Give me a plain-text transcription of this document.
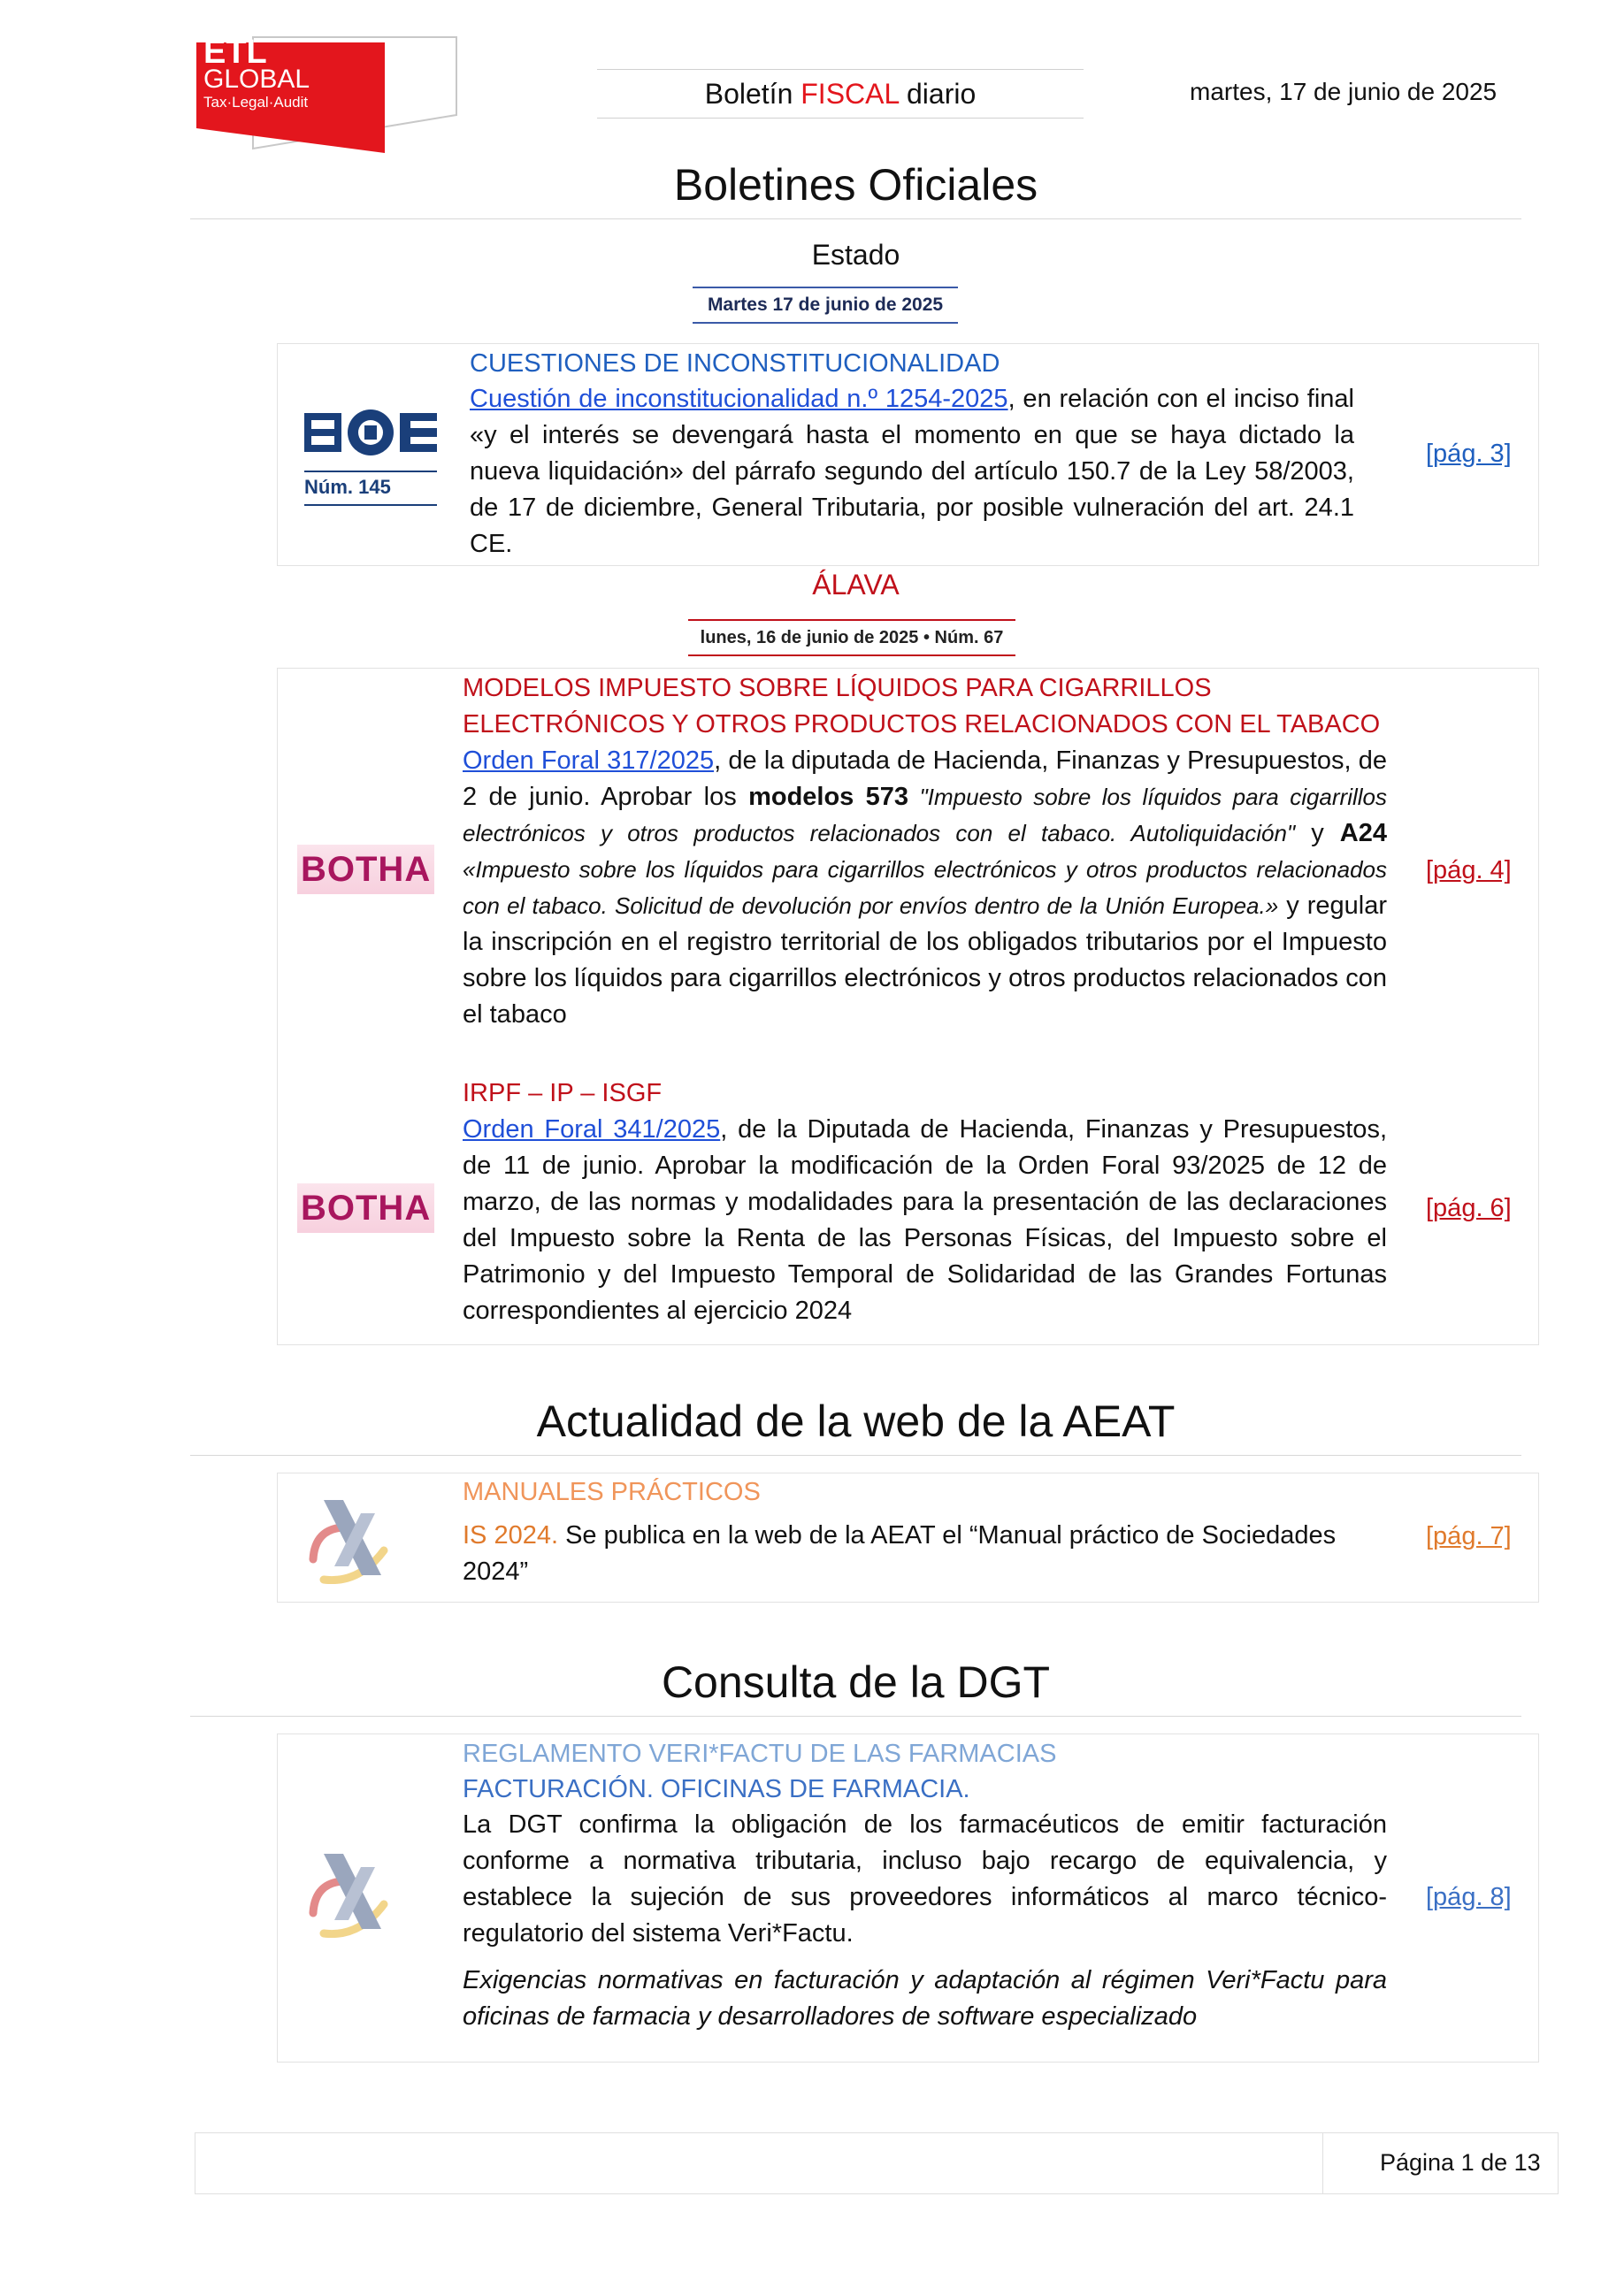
ETL
GLOBAL
Tax·Legal·Audit	Boletín FISCAL diario	martes, 17 de junio de 2025
Boletines Oficiales
Estado
Martes 17 de junio de 2025
Núm. 145
CUESTIONES DE INCONSTITUCIONALIDAD
Cuestión de inconstitucionalidad n.º 1254-2025, en relación con el inciso final «y el interés se devengará hasta el momento en que se haya dictado la nueva liquidación» del párrafo segundo del artículo 150.7 de la Ley 58/2003, de 17 de diciembre, General Tributaria, por posible vulneración del art. 24.1 CE.
[pág. 3]
ÁLAVA
lunes, 16 de junio de 2025 • Núm. 67
BOTHA
MODELOS IMPUESTO SOBRE LÍQUIDOS PARA CIGARRILLOS ELECTRÓNICOS Y OTROS PRODUCTOS RELACIONADOS CON EL TABACO
Orden Foral 317/2025, de la diputada de Hacienda, Finanzas y Presupuestos, de 2 de junio. Aprobar los modelos 573 "Impuesto sobre los líquidos para cigarrillos electrónicos y otros productos relacionados con el tabaco. Autoliquidación" y A24 «Impuesto sobre los líquidos para cigarrillos electrónicos y otros productos relacionados con el tabaco. Solicitud de devolución por envíos dentro de la Unión Europea.» y regular la inscripción en el registro territorial de los obligados tributarios por el Impuesto sobre los líquidos para cigarrillos electrónicos y otros productos relacionados con el tabaco
[pág. 4]
BOTHA
IRPF – IP – ISGF
Orden Foral 341/2025, de la Diputada de Hacienda, Finanzas y Presupuestos, de 11 de junio. Aprobar la modificación de la Orden Foral 93/2025 de 12 de marzo, de las normas y modalidades para la presentación de las declaraciones del Impuesto sobre la Renta de las Personas Físicas, del Impuesto sobre el Patrimonio y del Impuesto Temporal de Solidaridad de las Grandes Fortunas correspondientes al ejercicio 2024
[pág. 6]
Actualidad de la web de la AEAT
MANUALES PRÁCTICOS
IS 2024. Se publica en la web de la AEAT el “Manual práctico de Sociedades 2024”
[pág. 7]
Consulta de la DGT
REGLAMENTO VERI*FACTU DE LAS FARMACIAS
FACTURACIÓN. OFICINAS DE FARMACIA.
La DGT confirma la obligación de los farmacéuticos de emitir facturación conforme a normativa tributaria, incluso bajo recargo de equivalencia, y establece la sujeción de sus proveedores informáticos al marco técnico-regulatorio del sistema Veri*Factu.
Exigencias normativas en facturación y adaptación al régimen Veri*Factu para oficinas de farmacia y desarrolladores de software especializado
[pág. 8]
Página 1 de 13
